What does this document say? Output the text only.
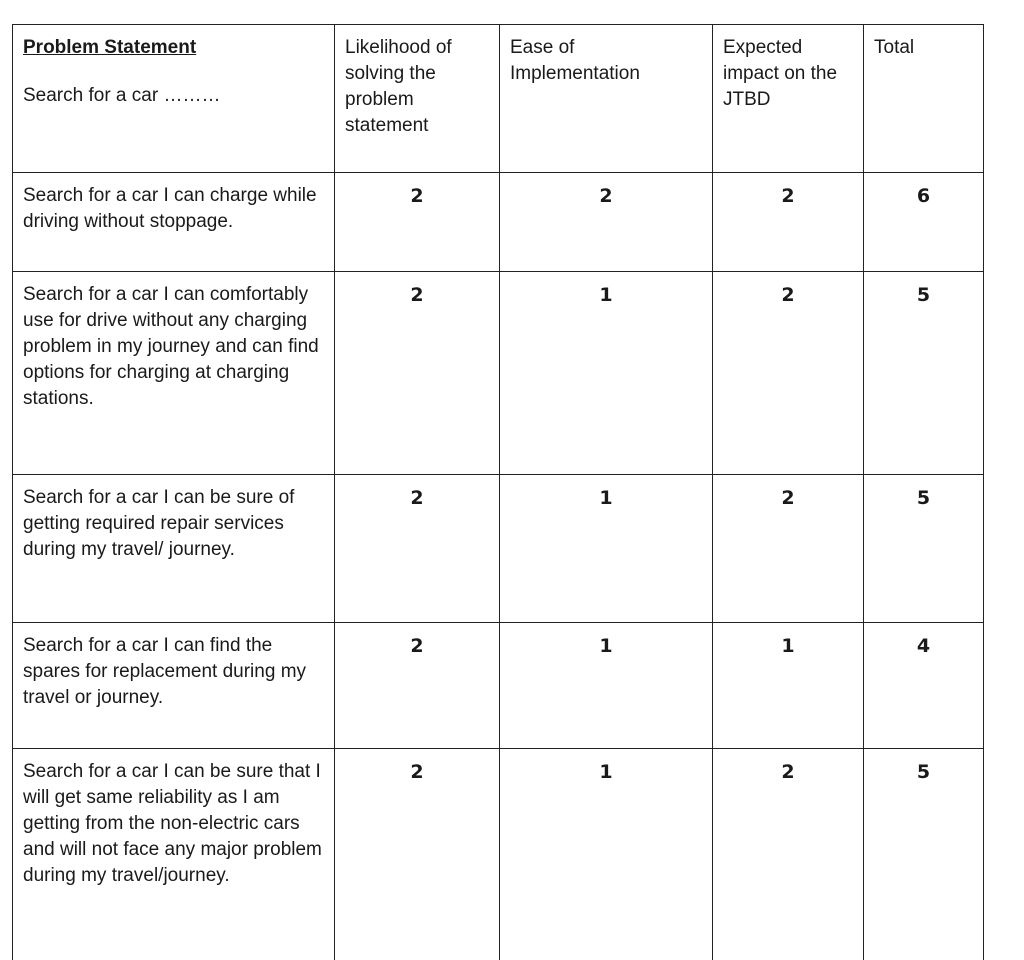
Problem Statement
Search for a car ………	Likelihood of solving the problem statement	Ease of Implementation	Expected impact on the JTBD	Total
Search for a car I can charge while driving without stoppage.	2	2	2	6
Search for a car I can comfortably use for drive without any charging problem in my journey and can find options for charging at charging stations.	2	1	2	5
Search for a car I can be sure of getting required repair services during my travel/ journey.	2	1	2	5
Search for a car I can find the spares for replacement during my travel or journey.	2	1	1	4
Search for a car I can be sure that I will get same reliability as I am getting from the non-electric cars and will not face any major problem during my travel/journey.	2	1	2	5
